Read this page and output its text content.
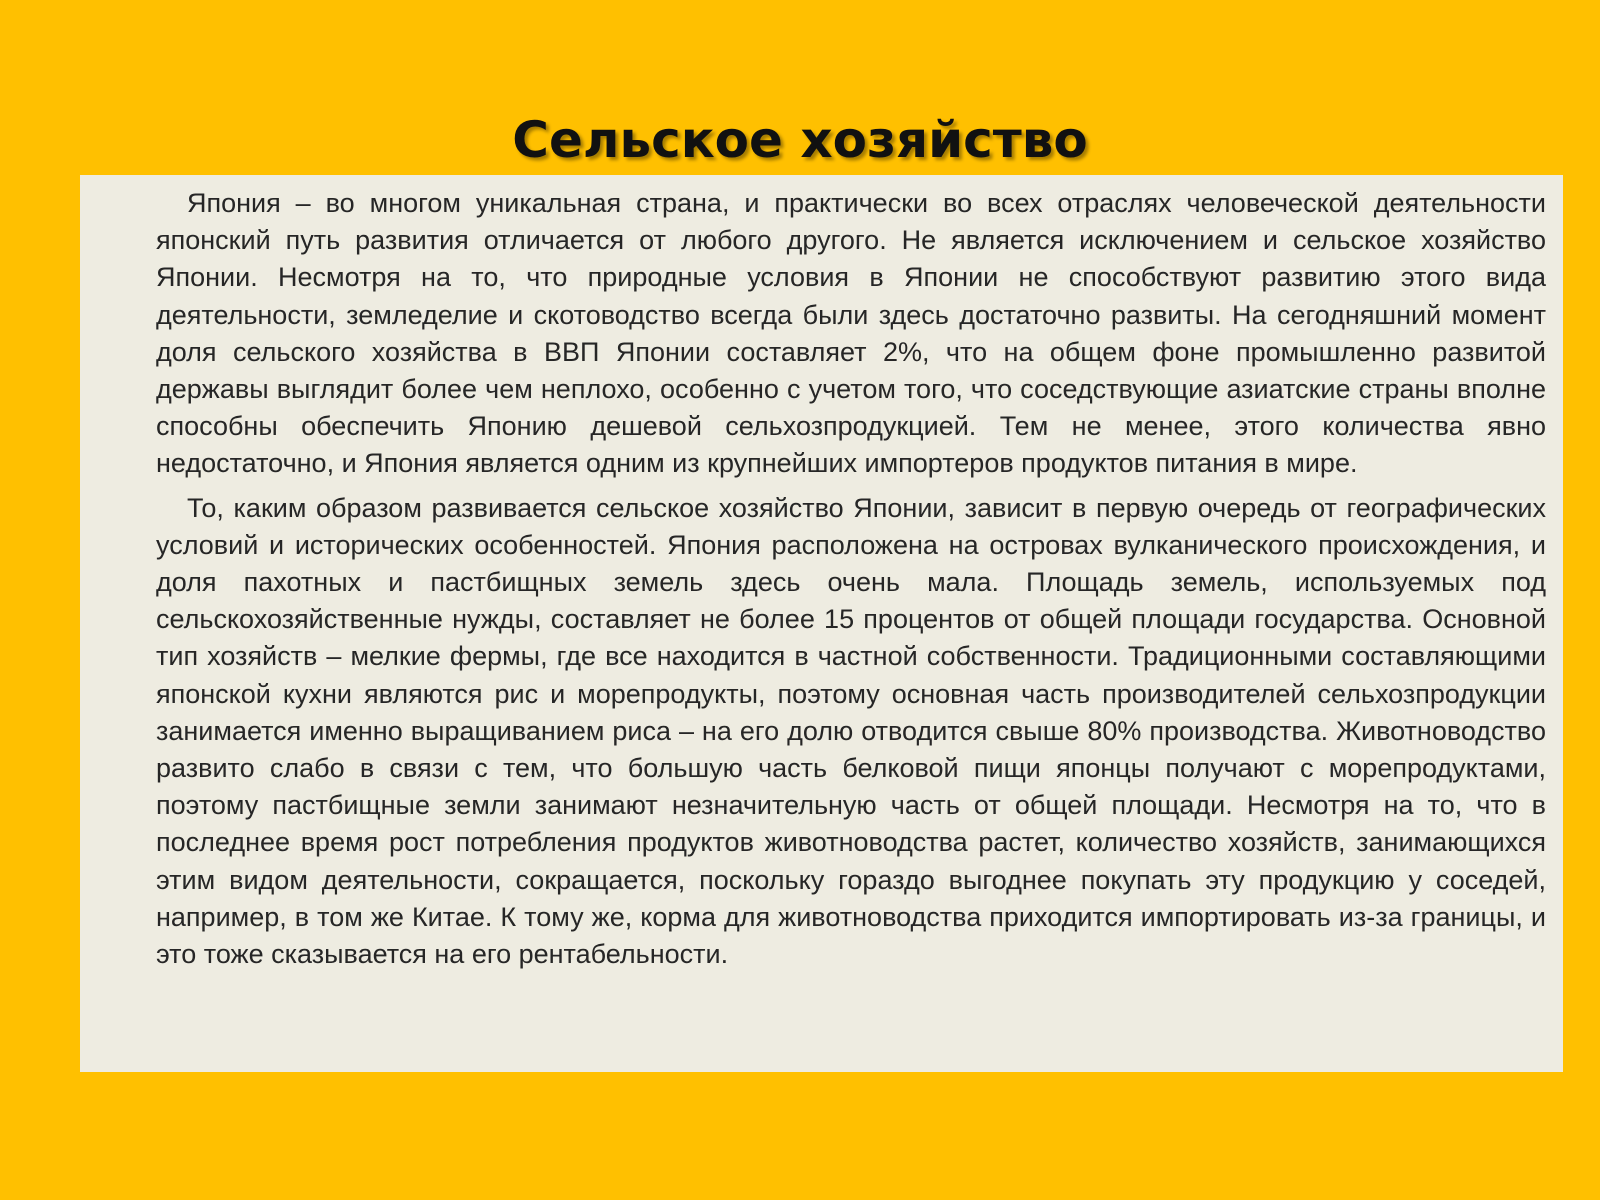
Сельское хозяйство

Япония – во многом уникальная страна, и практически во всех отраслях человеческой деятельности японский путь развития отличается от любого другого. Не является исключением и сельское хозяйство Японии. Несмотря на то, что природные условия в Японии не способствуют развитию этого вида деятельности, земледелие и скотоводство всегда были здесь достаточно развиты. На сегодняшний момент доля сельского хозяйства в ВВП Японии составляет 2%, что на общем фоне промышленно развитой державы выглядит более чем неплохо, особенно с учетом того, что соседствующие азиатские страны вполне способны обеспечить Японию дешевой сельхозпродукцией. Тем не менее, этого количества явно недостаточно, и Япония является одним из крупнейших импортеров продуктов питания в мире.

То, каким образом развивается сельское хозяйство Японии, зависит в первую очередь от географических условий и исторических особенностей. Япония расположена на островах вулканического происхождения, и доля пахотных и пастбищных земель здесь очень мала. Площадь земель, используемых под сельскохозяйственные нужды, составляет не более 15 процентов от общей площади государства. Основной тип хозяйств – мелкие фермы, где все находится в частной собственности. Традиционными составляющими японской кухни являются рис и морепродукты, поэтому основная часть производителей сельхозпродукции занимается именно выращиванием риса – на его долю отводится свыше 80% производства. Животноводство развито слабо в связи с тем, что большую часть белковой пищи японцы получают с морепродуктами, поэтому пастбищные земли занимают незначительную часть от общей площади. Несмотря на то, что в последнее время рост потребления продуктов животноводства растет, количество хозяйств, занимающихся этим видом деятельности, сокращается, поскольку гораздо выгоднее покупать эту продукцию у соседей, например, в том же Китае. К тому же, корма для животноводства приходится импортировать из-за границы, и это тоже сказывается на его рентабельности.
